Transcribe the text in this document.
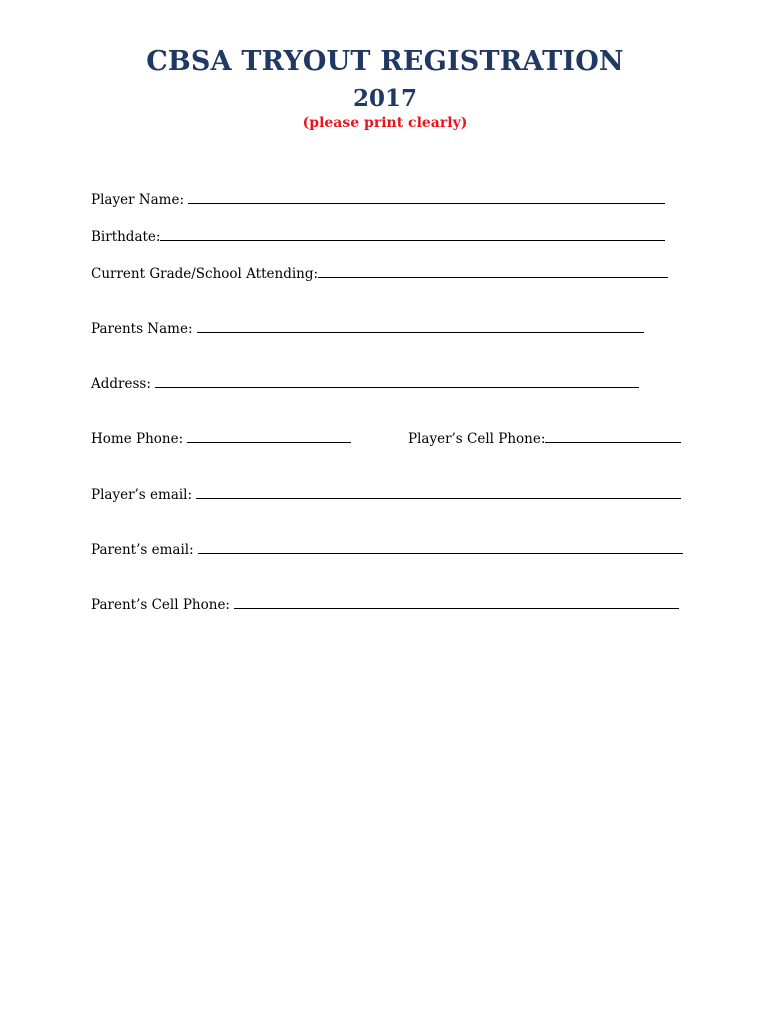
CBSA TRYOUT REGISTRATION
2017
(please print clearly)
Player Name:
Birthdate:
Current Grade/School Attending:
Parents Name:
Address:
Home Phone:	Player’s Cell Phone:
Player’s email:
Parent’s email:
Parent’s Cell Phone:
